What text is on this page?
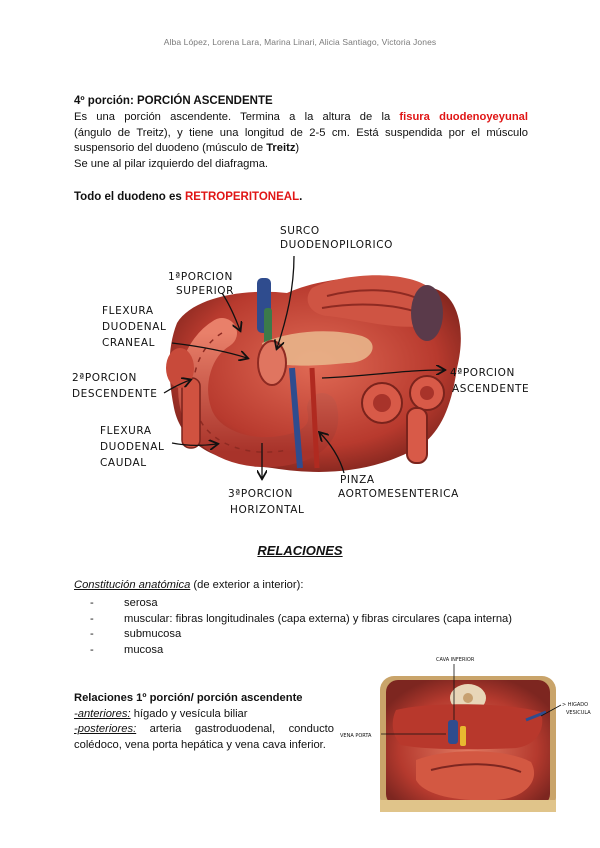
Alba López, Lorena Lara, Marina Linari, Alicia Santiago, Victoria Jones
4º porción: PORCIÓN ASCENDENTE
Es una porción ascendente. Termina a la altura de la fisura duodenoyeyunal
(ángulo de Treitz), y tiene una longitud de 2-5 cm. Está suspendida por el músculo
suspensorio del duodeno (músculo de Treitz)
Se une al pilar izquierdo del diafragma.
Todo el duodeno es RETROPERITONEAL.
SURCO
DUODENOPILORICO
1ªPORCION
SUPERIOR
FLEXURA
DUODENAL
CRANEAL
2ªPORCION
DESCENDENTE
4ªPORCION
ASCENDENTE
FLEXURA
DUODENAL
CAUDAL
3ªPORCION
HORIZONTAL
PINZA
AORTOMESENTERICA
RELACIONES
Constitución anatómica (de exterior a interior):
-	serosa
-	muscular: fibras longitudinales (capa externa) y fibras circulares (capa interna)
-	submucosa
-	mucosa
Relaciones 1º porción/ porción ascendente
-anteriores: hígado y vesícula biliar
-posteriores: arteria gastroduodenal, conducto colédoco, vena porta hepática y vena cava inferior.
CAVA INFERIOR
VENA PORTA
> HIGADO
VESICULA
